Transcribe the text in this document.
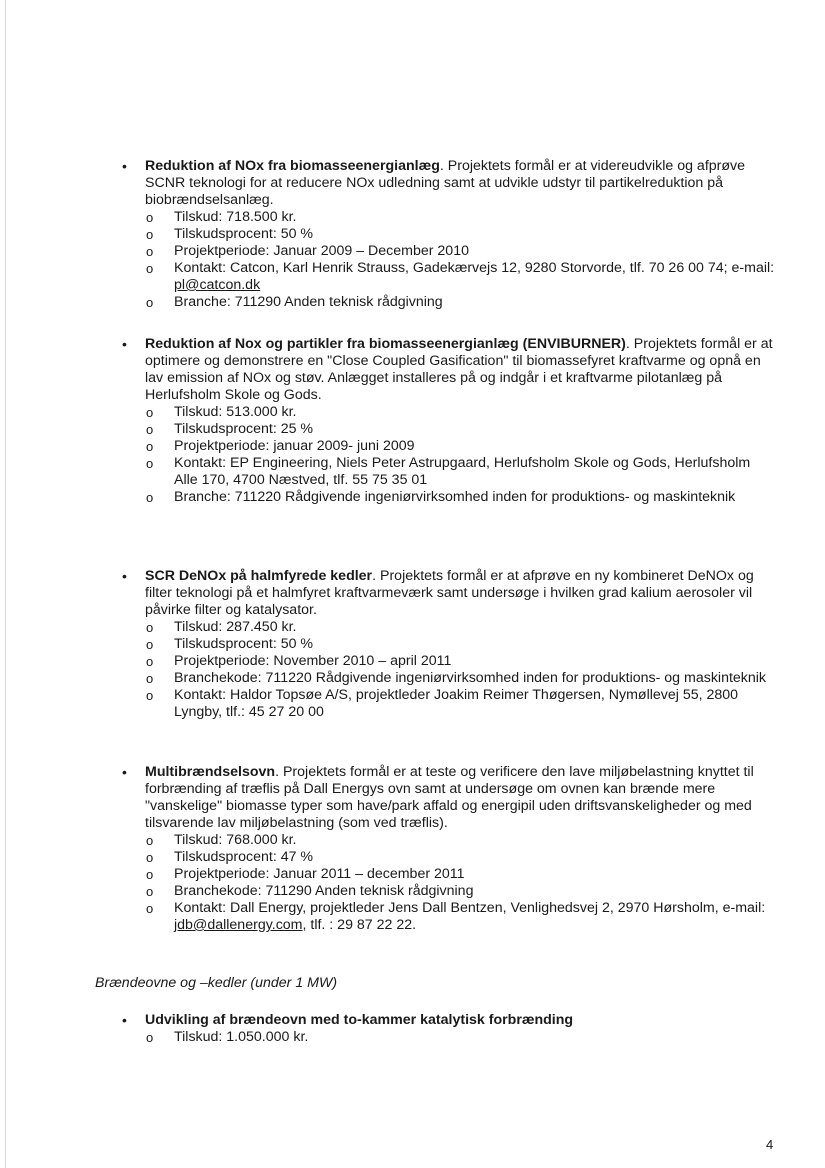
• Reduktion af NOx fra biomasseenergianlæg. Projektets formål er at videreudvikle og afprøve SCNR teknologi for at reducere NOx udledning samt at udvikle udstyr til partikelreduktion på biobrændselsanlæg.
o Tilskud: 718.500 kr.
o Tilskudsprocent: 50 %
o Projektperiode: Januar 2009 – December 2010
o Kontakt: Catcon, Karl Henrik Strauss, Gadekærvejs 12, 9280 Storvorde, tlf. 70 26 00 74; e-mail: pl@catcon.dk
o Branche: 711290 Anden teknisk rådgivning
• Reduktion af Nox og partikler fra biomasseenergianlæg (ENVIBURNER). Projektets formål er at optimere og demonstrere en "Close Coupled Gasification" til biomassefyret kraftvarme og opnå en lav emission af NOx og støv. Anlægget installeres på og indgår i et kraftvarme pilotanlæg på Herlufsholm Skole og Gods.
o Tilskud: 513.000 kr.
o Tilskudsprocent: 25 %
o Projektperiode: januar 2009- juni 2009
o Kontakt: EP Engineering, Niels Peter Astrupgaard, Herlufsholm Skole og Gods, Herlufsholm Alle 170, 4700 Næstved, tlf. 55 75 35 01
o Branche: 711220 Rådgivende ingeniørvirksomhed inden for produktions- og maskinteknik
• SCR DeNOx på halmfyrede kedler. Projektets formål er at afprøve en ny kombineret DeNOx og filter teknologi på et halmfyret kraftvarmeværk samt undersøge i hvilken grad kalium aerosoler vil påvirke filter og katalysator.
o Tilskud: 287.450 kr.
o Tilskudsprocent: 50 %
o Projektperiode: November 2010 – april 2011
o Branchekode: 711220 Rådgivende ingeniørvirksomhed inden for produktions- og maskinteknik
o Kontakt: Haldor Topsøe A/S, projektleder Joakim Reimer Thøgersen, Nymøllevej 55, 2800 Lyngby, tlf.: 45 27 20 00
• Multibrændselsovn. Projektets formål er at teste og verificere den lave miljøbelastning knyttet til forbrænding af træflis på Dall Energys ovn samt at undersøge om ovnen kan brænde mere "vanskelige" biomasse typer som have/park affald og energipil uden driftsvanskeligheder og med tilsvarende lav miljøbelastning (som ved træflis).
o Tilskud: 768.000 kr.
o Tilskudsprocent: 47 %
o Projektperiode: Januar 2011 – december 2011
o Branchekode: 711290 Anden teknisk rådgivning
o Kontakt: Dall Energy, projektleder Jens Dall Bentzen, Venlighedsvej 2, 2970 Hørsholm, e-mail: jdb@dallenergy.com, tlf. : 29 87 22 22.
Brændeovne og –kedler (under 1 MW)
• Udvikling af brændeovn med to-kammer katalytisk forbrænding
o Tilskud: 1.050.000 kr.
4
